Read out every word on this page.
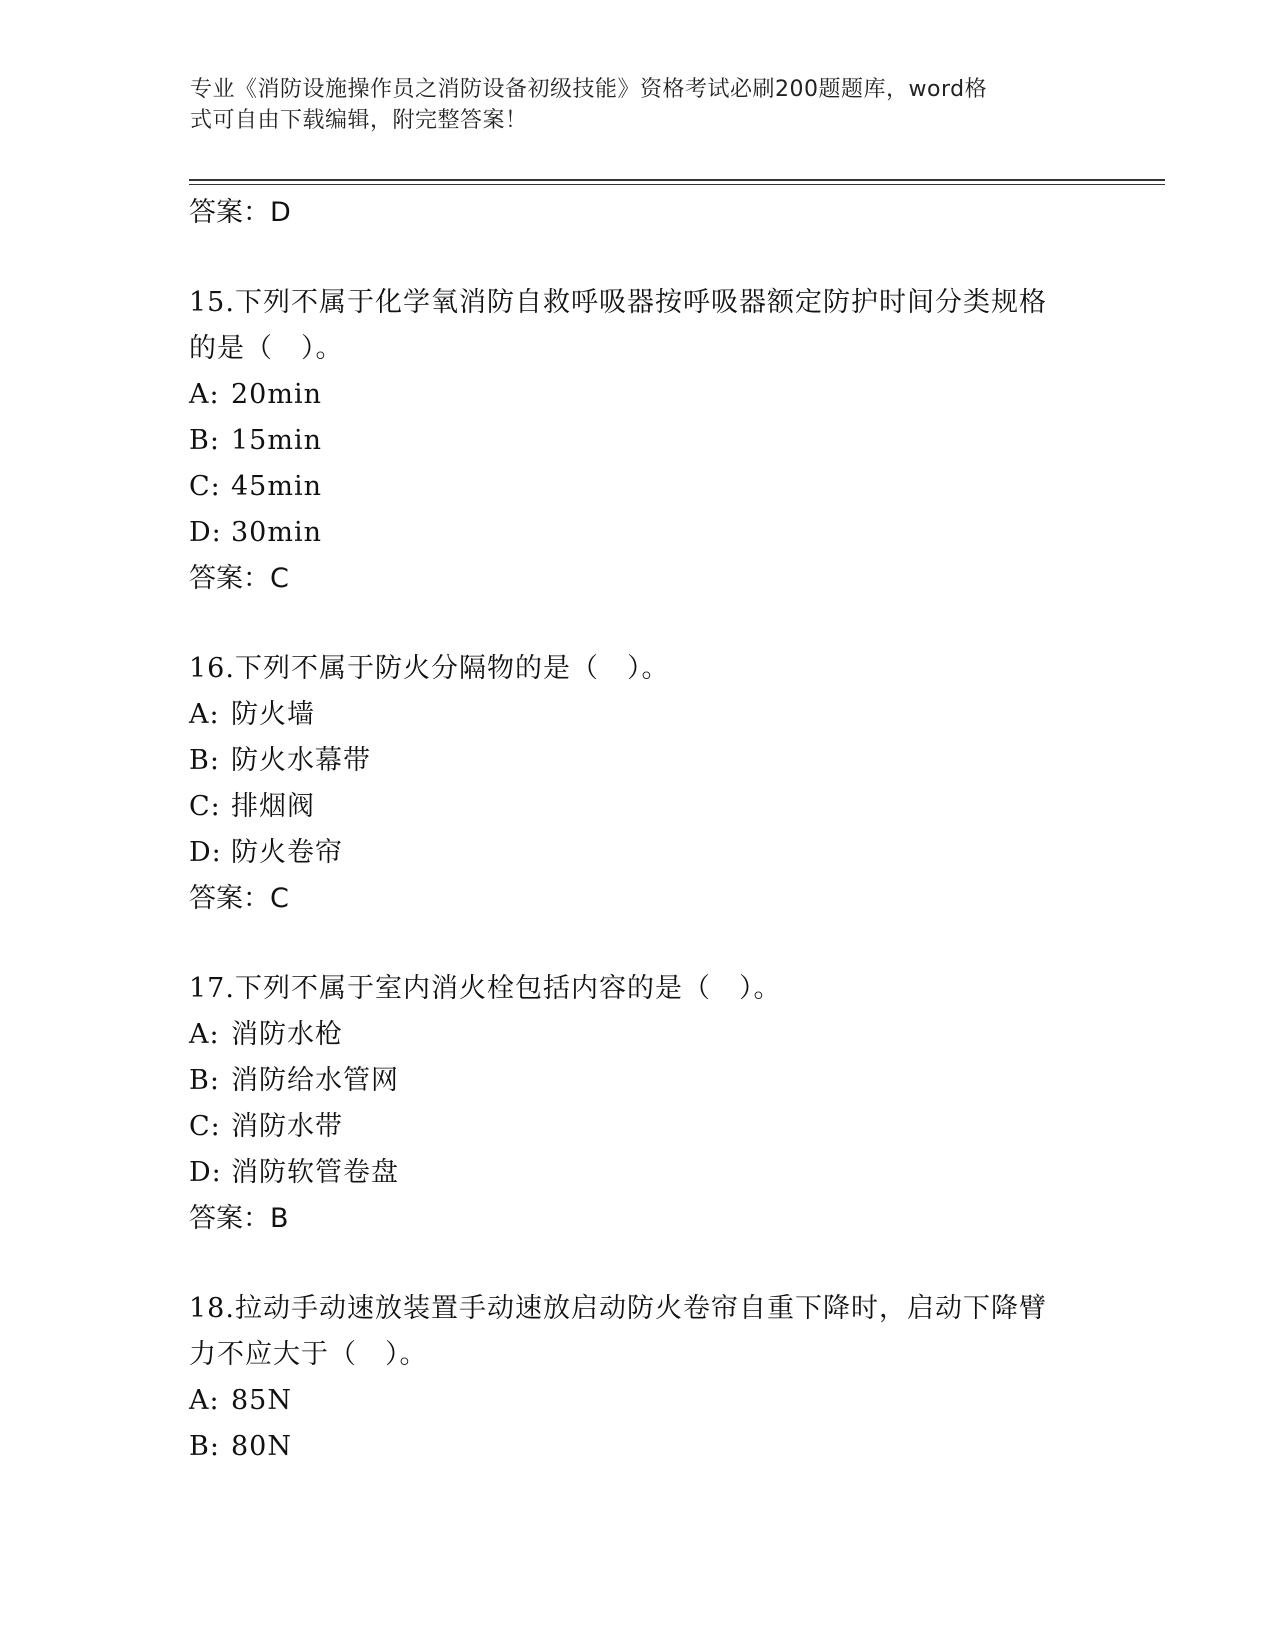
专业《消防设施操作员之消防设备初级技能》资格考试必刷200题题库，word格
式可自由下载编辑，附完整答案！
答案：D
15.下列不属于化学氧消防自救呼吸器按呼吸器额定防护时间分类规格
的是（　）。
A: 20min
B: 15min
C: 45min
D: 30min
答案：C
16.下列不属于防火分隔物的是（　）。
A: 防火墙
B: 防火水幕带
C: 排烟阀
D: 防火卷帘
答案：C
17.下列不属于室内消火栓包括内容的是（　）。
A: 消防水枪
B: 消防给水管网
C: 消防水带
D: 消防软管卷盘
答案：B
18.拉动手动速放装置手动速放启动防火卷帘自重下降时，启动下降臂
力不应大于（　）。
A: 85N
B: 80N
